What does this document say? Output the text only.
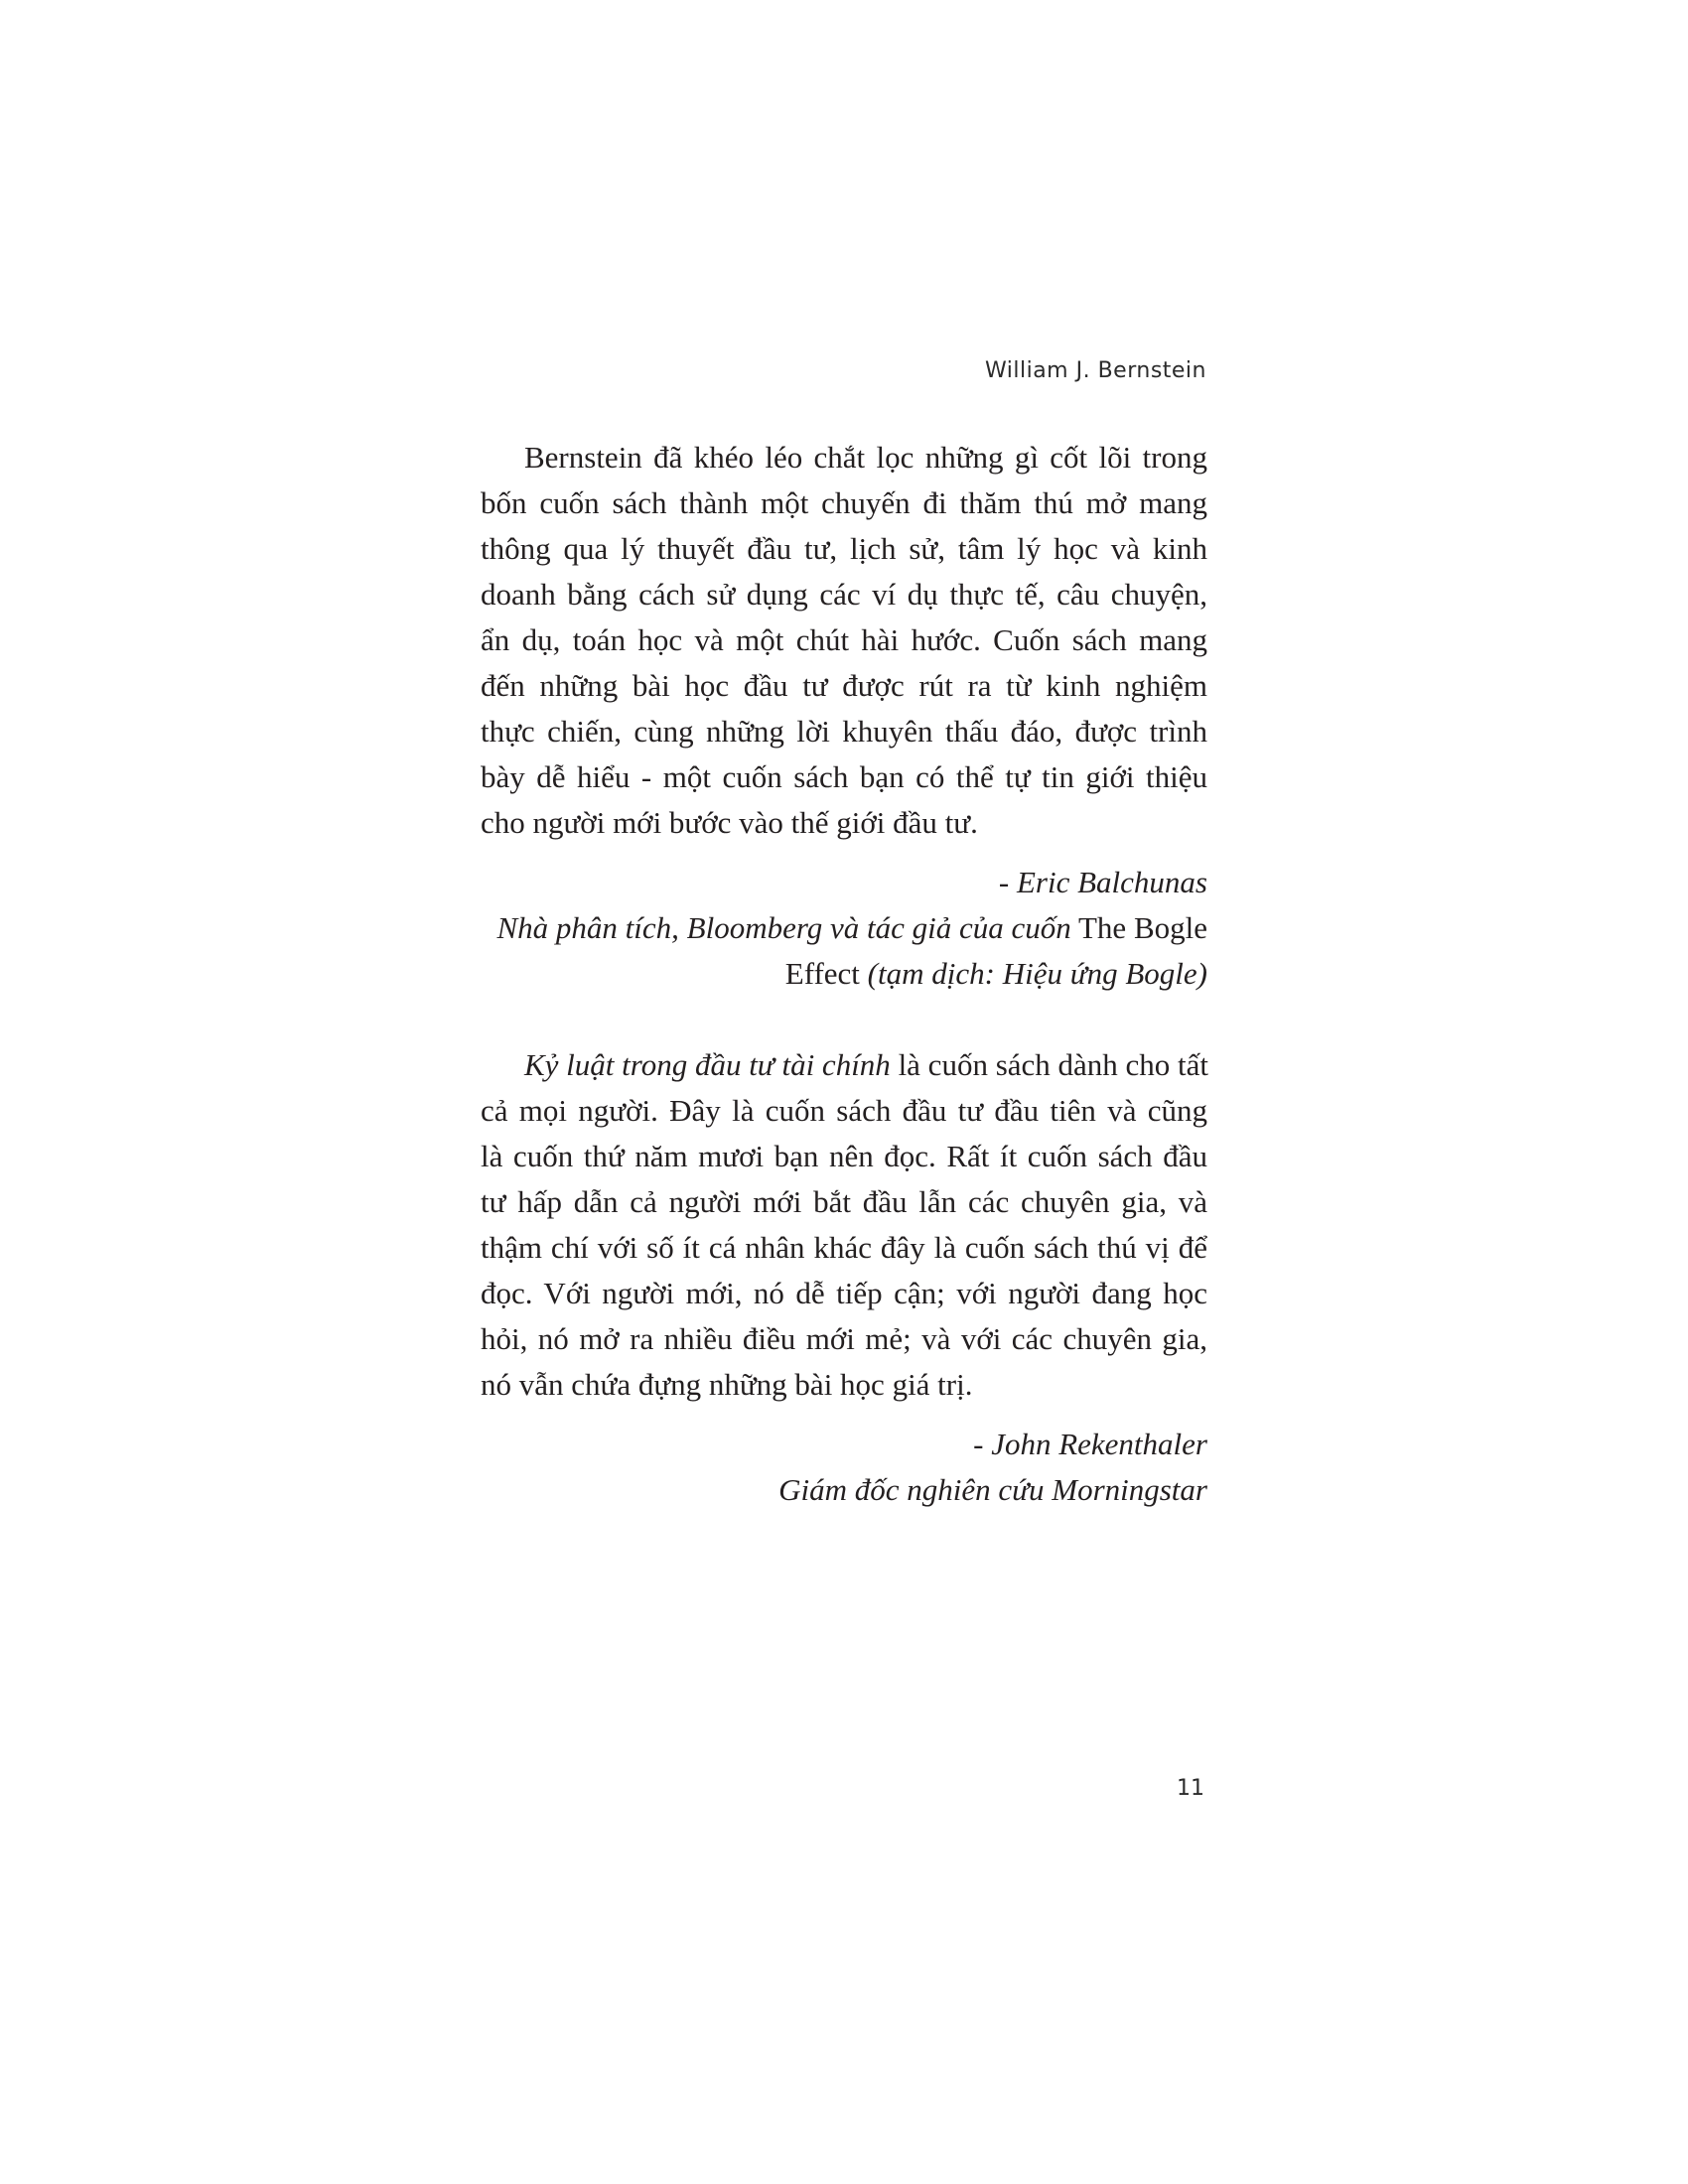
William J. Bernstein

Bernstein đã khéo léo chắt lọc những gì cốt lõi trong
bốn cuốn sách thành một chuyến đi thăm thú mở mang
thông qua lý thuyết đầu tư, lịch sử, tâm lý học và kinh
doanh bằng cách sử dụng các ví dụ thực tế, câu chuyện,
ẩn dụ, toán học và một chút hài hước. Cuốn sách mang
đến những bài học đầu tư được rút ra từ kinh nghiệm
thực chiến, cùng những lời khuyên thấu đáo, được trình
bày dễ hiểu - một cuốn sách bạn có thể tự tin giới thiệu
cho người mới bước vào thế giới đầu tư.

- Eric Balchunas
Nhà phân tích, Bloomberg và tác giả của cuốn The Bogle
Effect (tạm dịch: Hiệu ứng Bogle)

Kỷ luật trong đầu tư tài chính là cuốn sách dành cho tất
cả mọi người. Đây là cuốn sách đầu tư đầu tiên và cũng
là cuốn thứ năm mươi bạn nên đọc. Rất ít cuốn sách đầu
tư hấp dẫn cả người mới bắt đầu lẫn các chuyên gia, và
thậm chí với số ít cá nhân khác đây là cuốn sách thú vị để
đọc. Với người mới, nó dễ tiếp cận; với người đang học
hỏi, nó mở ra nhiều điều mới mẻ; và với các chuyên gia,
nó vẫn chứa đựng những bài học giá trị.

- John Rekenthaler
Giám đốc nghiên cứu Morningstar
11
